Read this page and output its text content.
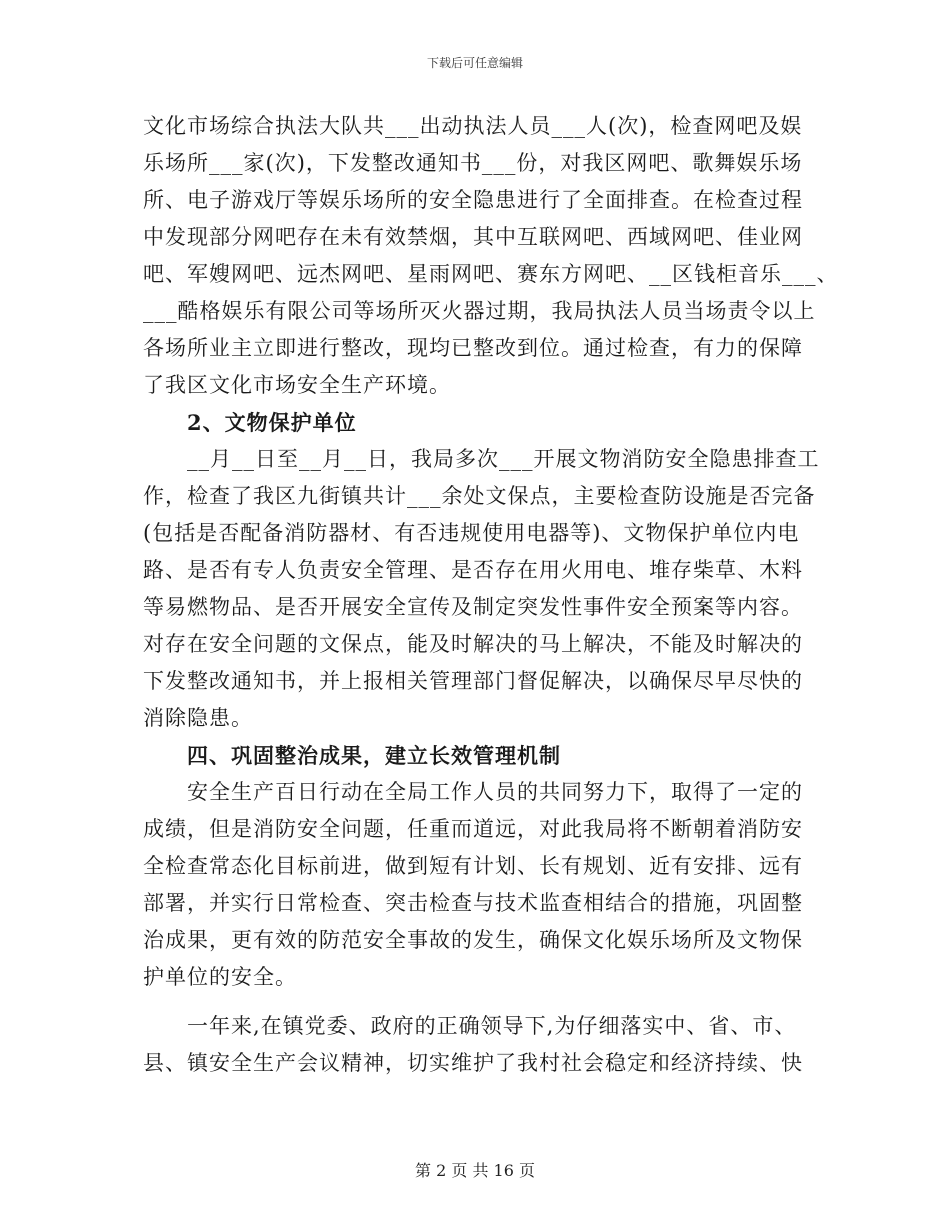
下载后可任意编辑
文化市场综合执法大队共___出动执法人员___人(次)，检查网吧及娱
乐场所___家(次)，下发整改通知书___份，对我区网吧、歌舞娱乐场
所、电子游戏厅等娱乐场所的安全隐患进行了全面排查。在检查过程
中发现部分网吧存在未有效禁烟，其中互联网吧、西域网吧、佳业网
吧、军嫂网吧、远杰网吧、星雨网吧、赛东方网吧、__区钱柜音乐___、
___酷格娱乐有限公司等场所灭火器过期，我局执法人员当场责令以上
各场所业主立即进行整改，现均已整改到位。通过检查，有力的保障
了我区文化市场安全生产环境。
2、文物保护单位
__月__日至__月__日，我局多次___开展文物消防安全隐患排查工
作，检查了我区九街镇共计___余处文保点，主要检查防设施是否完备
(包括是否配备消防器材、有否违规使用电器等)、文物保护单位内电
路、是否有专人负责安全管理、是否存在用火用电、堆存柴草、木料
等易燃物品、是否开展安全宣传及制定突发性事件安全预案等内容。
对存在安全问题的文保点，能及时解决的马上解决，不能及时解决的
下发整改通知书，并上报相关管理部门督促解决，以确保尽早尽快的
消除隐患。
四、巩固整治成果，建立长效管理机制
安全生产百日行动在全局工作人员的共同努力下，取得了一定的
成绩，但是消防安全问题，任重而道远，对此我局将不断朝着消防安
全检查常态化目标前进，做到短有计划、长有规划、近有安排、远有
部署，并实行日常检查、突击检查与技术监查相结合的措施，巩固整
治成果，更有效的防范安全事故的发生，确保文化娱乐场所及文物保
护单位的安全。
一年来,在镇党委、政府的正确领导下,为仔细落实中、省、市、
县、镇安全生产会议精神，切实维护了我村社会稳定和经济持续、快
第 2 页 共 16 页
